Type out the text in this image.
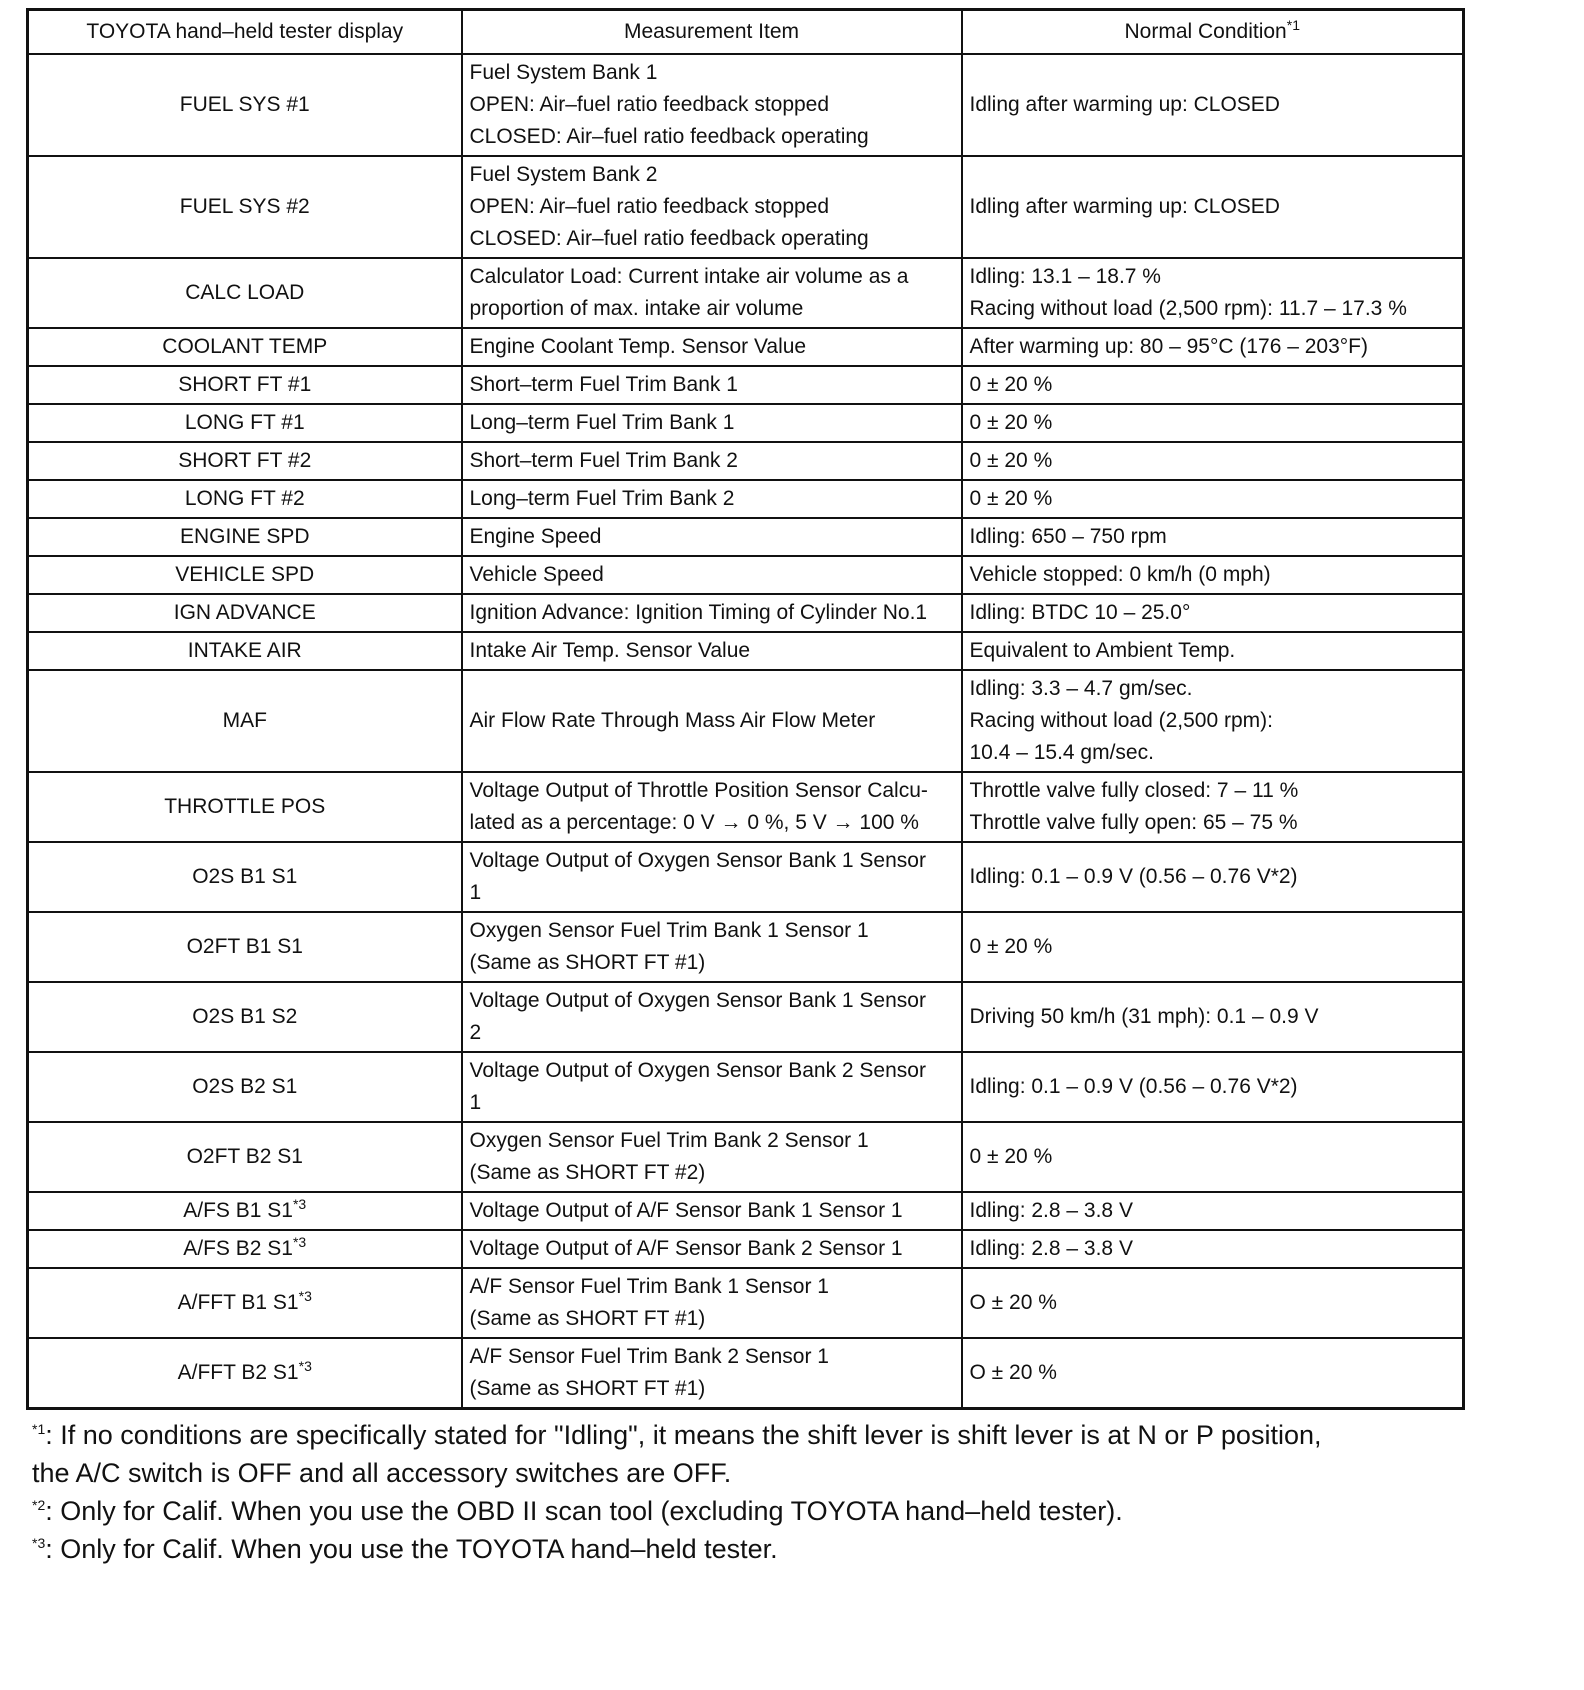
TOYOTA hand–held tester display	Measurement Item	Normal Condition$^{*1}$
FUEL SYS #1	Fuel System Bank 1
OPEN: Air–fuel ratio feedback stopped
CLOSED: Air–fuel ratio feedback operating	Idling after warming up: CLOSED

FUEL SYS #2	Fuel System Bank 2
OPEN: Air–fuel ratio feedback stopped
CLOSED: Air–fuel ratio feedback operating	Idling after warming up: CLOSED

CALC LOAD	Calculator Load: Current intake air volume as a proportion of max. intake air volume	Idling: 13.1 – 18.7 %
Racing without load (2,500 rpm): 11.7 – 17.3 %

COOLANT TEMP	Engine Coolant Temp. Sensor Value	After warming up: 80 – 95°C (176 – 203°F)

SHORT FT #1	Short–term Fuel Trim Bank 1	0 ± 20 %

LONG FT #1	Long–term Fuel Trim Bank 1	0 ± 20 %

SHORT FT #2	Short–term Fuel Trim Bank 2	0 ± 20 %

LONG FT #2	Long–term Fuel Trim Bank 2	0 ± 20 %

ENGINE SPD	Engine Speed	Idling: 650 – 750 rpm

VEHICLE SPD	Vehicle Speed	Vehicle stopped: 0 km/h (0 mph)

IGN ADVANCE	Ignition Advance: Ignition Timing of Cylinder No.1	Idling: BTDC 10 – 25.0°

INTAKE AIR	Intake Air Temp. Sensor Value	Equivalent to Ambient Temp.

MAF	Air Flow Rate Through Mass Air Flow Meter	Idling: 3.3 – 4.7 gm/sec.
Racing without load (2,500 rpm):
10.4 – 15.4 gm/sec.

THROTTLE POS	Voltage Output of Throttle Position Sensor Calcu-
lated as a percentage: 0 V → 0 %, 5 V → 100 %	Throttle valve fully closed: 7 – 11 %
Throttle valve fully open: 65 – 75 %

O2S B1 S1	Voltage Output of Oxygen Sensor Bank 1 Sensor
1	Idling: 0.1 – 0.9 V (0.56 – 0.76 V*2)

O2FT B1 S1	Oxygen Sensor Fuel Trim Bank 1 Sensor 1
(Same as SHORT FT #1)	0 ± 20 %

O2S B1 S2	Voltage Output of Oxygen Sensor Bank 1 Sensor
2	Driving 50 km/h (31 mph): 0.1 – 0.9 V

O2S B2 S1	Voltage Output of Oxygen Sensor Bank 2 Sensor
1	Idling: 0.1 – 0.9 V (0.56 – 0.76 V*2)

O2FT B2 S1	Oxygen Sensor Fuel Trim Bank 2 Sensor 1
(Same as SHORT FT #2)	0 ± 20 %

A/FS B1 S1$^{*3}$	Voltage Output of A/F Sensor Bank 1 Sensor 1	Idling: 2.8 – 3.8 V

A/FS B2 S1$^{*3}$	Voltage Output of A/F Sensor Bank 2 Sensor 1	Idling: 2.8 – 3.8 V

A/FFT B1 S1$^{*3}$	A/F Sensor Fuel Trim Bank 1 Sensor 1
(Same as SHORT FT #1)	O ± 20 %

A/FFT B2 S1$^{*3}$	A/F Sensor Fuel Trim Bank 2 Sensor 1
(Same as SHORT FT #1)	O ± 20 %
$^{*1}$: If no conditions are specifically stated for "Idling", it means the shift lever is shift lever is at N or P position,
the A/C switch is OFF and all accessory switches are OFF.
$^{*2}$: Only for Calif. When you use the OBD II scan tool (excluding TOYOTA hand–held tester).
$^{*3}$: Only for Calif. When you use the TOYOTA hand–held tester.
